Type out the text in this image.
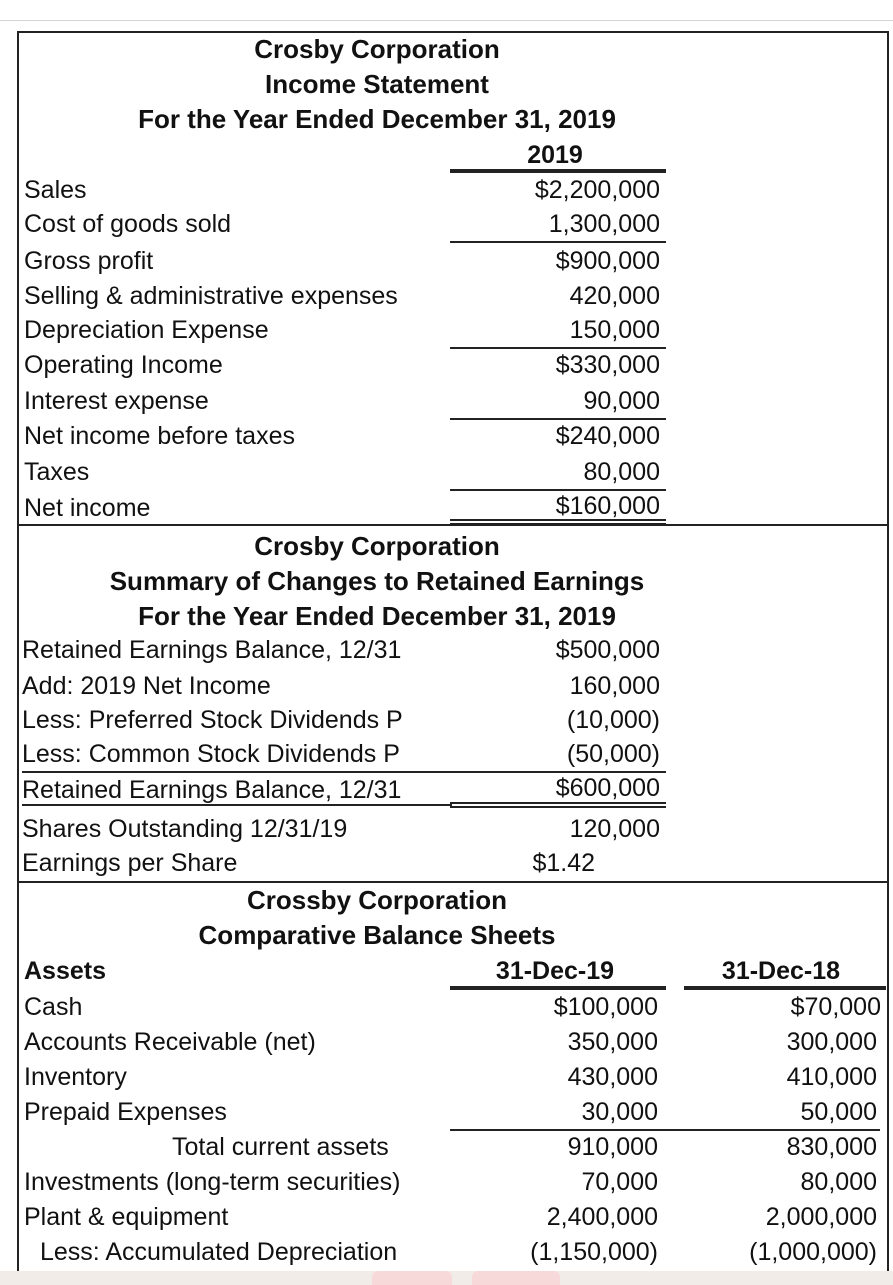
Crosby Corporation
Income Statement
For the Year Ended December 31, 2019
2019
Sales	$2,200,000
Cost of goods sold	1,300,000
Gross profit	$900,000
Selling & administrative expenses	420,000
Depreciation Expense	150,000
Operating Income	$330,000
Interest expense	90,000
Net income before taxes	$240,000
Taxes	80,000
Net income	$160,000
Crosby Corporation
Summary of Changes to Retained Earnings
For the Year Ended December 31, 2019
Retained Earnings Balance, 12/31	$500,000
Add: 2019 Net Income	160,000
Less: Preferred Stock Dividends P	(10,000)
Less: Common Stock Dividends P	(50,000)
Retained Earnings Balance, 12/31	$600,000
Shares Outstanding 12/31/19	120,000
Earnings per Share	$1.42
Crossby Corporation
Comparative Balance Sheets
Assets	31-Dec-19	31-Dec-18
Cash	$100,000	$70,000
Accounts Receivable (net)	350,000	300,000
Inventory	430,000	410,000
Prepaid Expenses	30,000	50,000
Total current assets	910,000	830,000
Investments (long-term securities)	70,000	80,000
Plant & equipment	2,400,000	2,000,000
Less: Accumulated Depreciation	(1,150,000)	(1,000,000)
